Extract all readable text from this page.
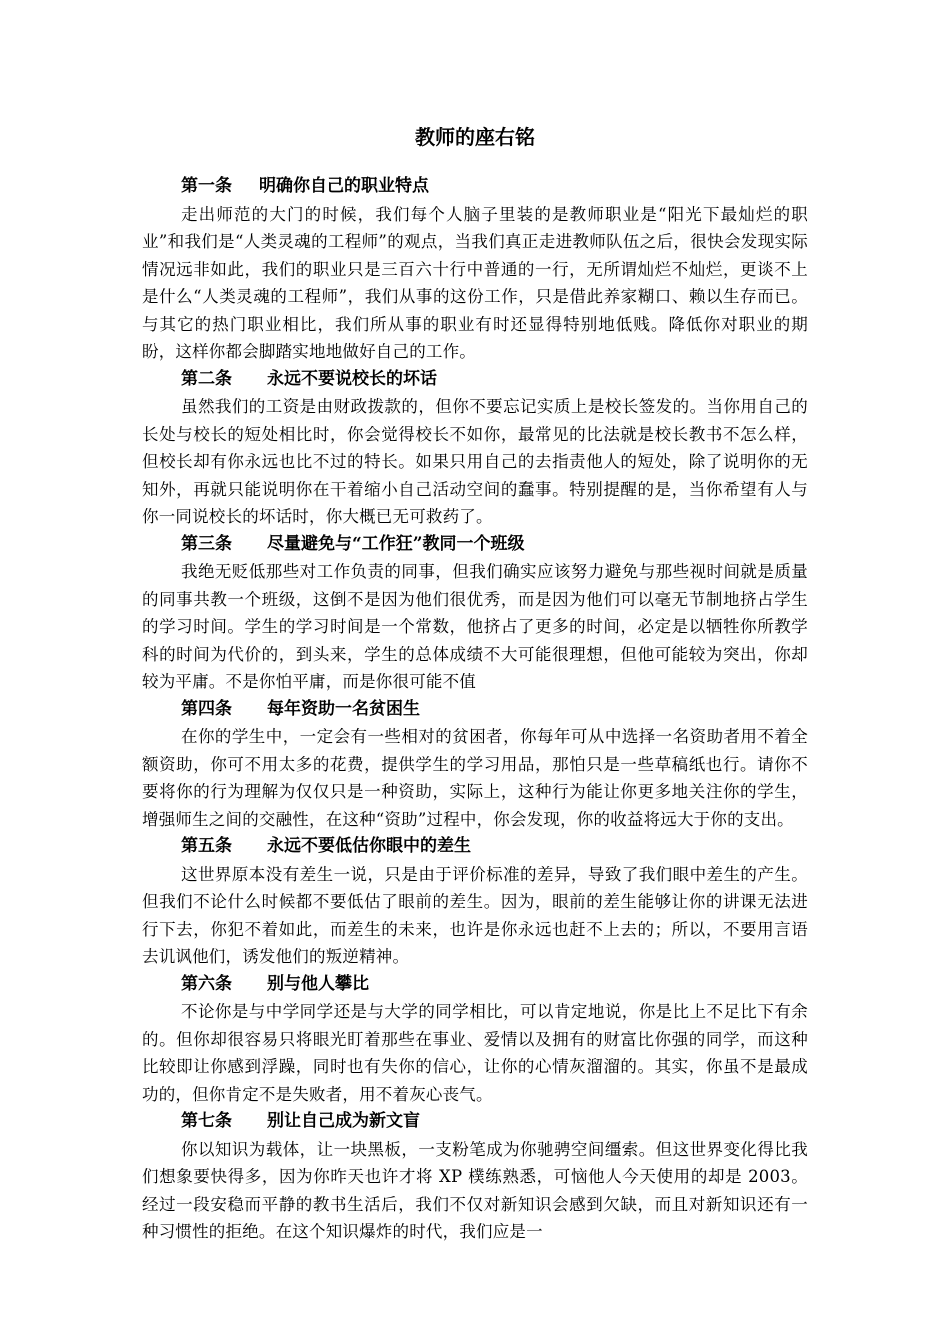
教师的座右铭
第一条 明确你自己的职业特点

走出师范的大门的时候，我们每个人脑子里装的是教师职业是“阳光下最灿烂的职业”和我们是“人类灵魂的工程师”的观点，当我们真正走进教师队伍之后，很快会发现实际情况远非如此，我们的职业只是三百六十行中普通的一行，无所谓灿烂不灿烂，更谈不上是什么“人类灵魂的工程师”，我们从事的这份工作，只是借此养家糊口、赖以生存而已。与其它的热门职业相比，我们所从事的职业有时还显得特别地低贱。降低你对职业的期盼，这样你都会脚踏实地地做好自己的工作。

第二条 永远不要说校长的坏话

虽然我们的工资是由财政拨款的，但你不要忘记实质上是校长签发的。当你用自己的长处与校长的短处相比时，你会觉得校长不如你，最常见的比法就是校长教书不怎么样，但校长却有你永远也比不过的特长。如果只用自己的去指责他人的短处，除了说明你的无知外，再就只能说明你在干着缩小自己活动空间的蠢事。特别提醒的是，当你希望有人与你一同说校长的坏话时，你大概已无可救药了。

第三条 尽量避免与“工作狂”教同一个班级

我绝无贬低那些对工作负责的同事，但我们确实应该努力避免与那些视时间就是质量的同事共教一个班级，这倒不是因为他们很优秀，而是因为他们可以毫无节制地挤占学生的学习时间。学生的学习时间是一个常数，他挤占了更多的时间，必定是以牺牲你所教学科的时间为代价的，到头来，学生的总体成绩不大可能很理想，但他可能较为突出，你却较为平庸。不是你怕平庸，而是你很可能不值

第四条 每年资助一名贫困生

在你的学生中，一定会有一些相对的贫困者，你每年可从中选择一名资助者用不着全额资助，你可不用太多的花费，提供学生的学习用品，那怕只是一些草稿纸也行。请你不要将你的行为理解为仅仅只是一种资助，实际上，这种行为能让你更多地关注你的学生，增强师生之间的交融性，在这种“资助”过程中，你会发现，你的收益将远大于你的支出。

第五条 永远不要低估你眼中的差生

这世界原本没有差生一说，只是由于评价标准的差异，导致了我们眼中差生的产生。但我们不论什么时候都不要低估了眼前的差生。因为，眼前的差生能够让你的讲课无法进行下去，你犯不着如此，而差生的未来，也许是你永远也赶不上去的；所以，不要用言语去讥讽他们，诱发他们的叛逆精神。

第六条 别与他人攀比

不论你是与中学同学还是与大学的同学相比，可以肯定地说，你是比上不足比下有余的。但你却很容易只将眼光盯着那些在事业、爱情以及拥有的财富比你强的同学，而这种比较即让你感到浮躁，同时也有失你的信心，让你的心情灰溜溜的。其实，你虽不是最成功的，但你肯定不是失败者，用不着灰心丧气。

第七条 别让自己成为新文盲

你以知识为载体，让一块黑板，一支粉笔成为你驰骋空间缰索。但这世界变化得比我们想象要快得多，因为你昨天也许才将 XP 樸练熟悉，可恼他人今天使用的却是 2003。经过一段安稳而平静的教书生活后，我们不仅对新知识会感到欠缺，而且对新知识还有一种习惯性的拒绝。在这个知识爆炸的时代，我们应是一
